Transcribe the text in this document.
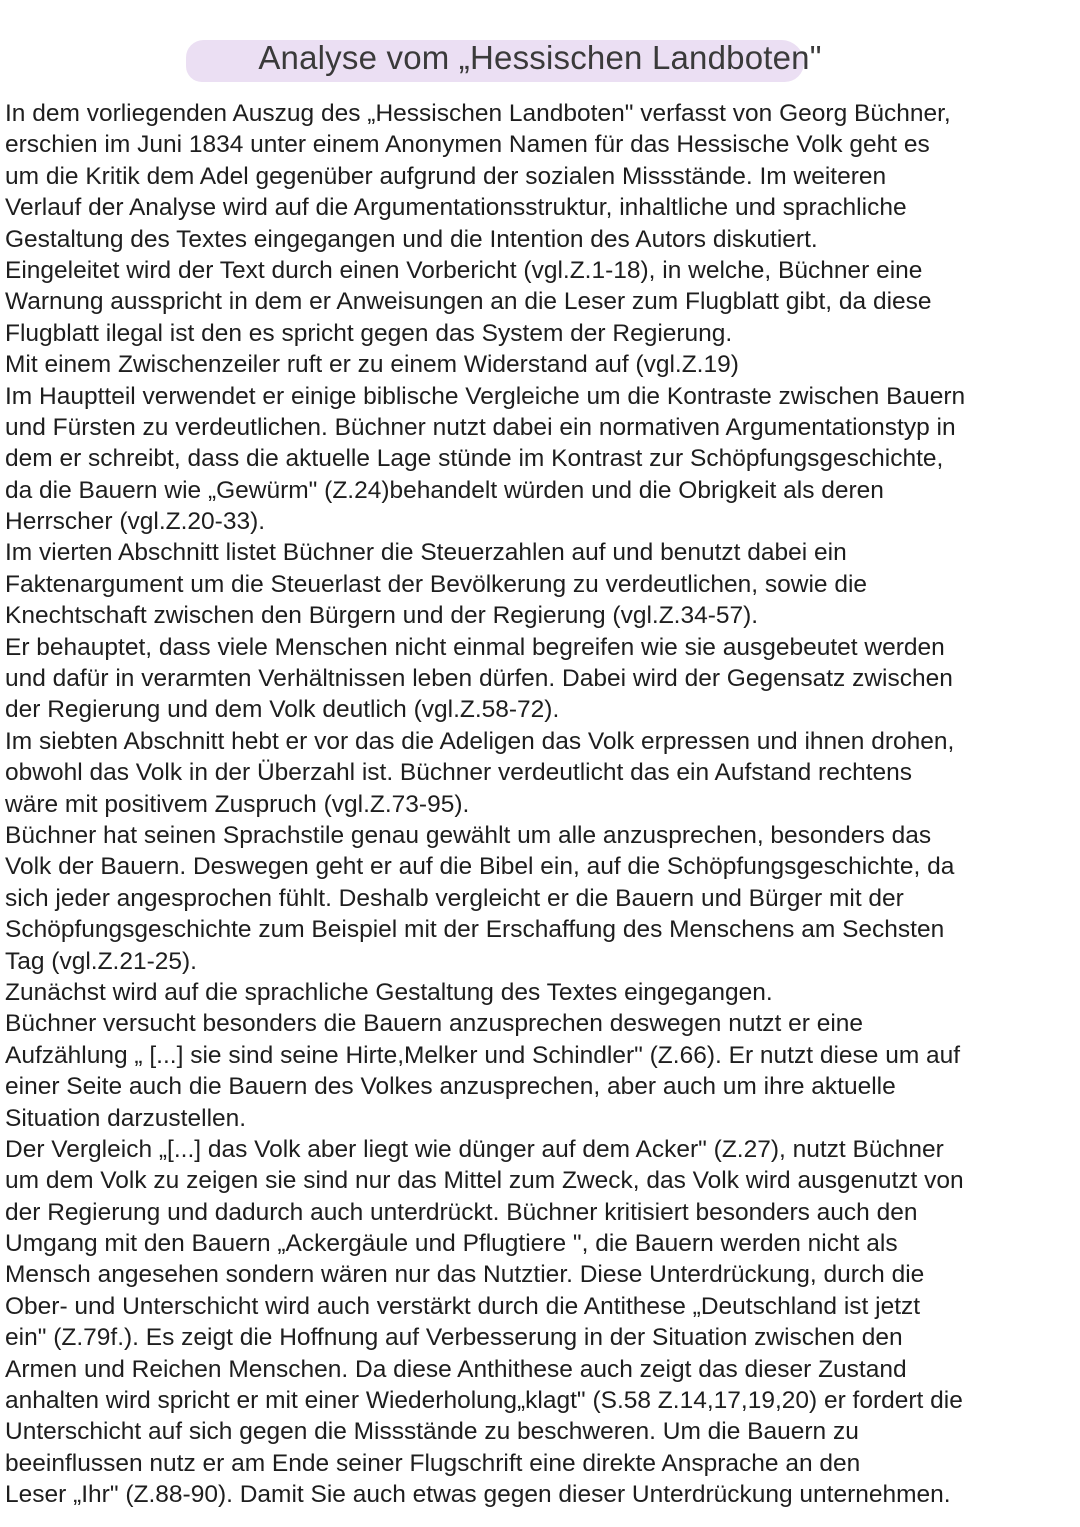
Analyse vom „Hessischen Landboten"
In dem vorliegenden Auszug des „Hessischen Landboten" verfasst von Georg Büchner,
erschien im Juni 1834 unter einem Anonymen Namen für das Hessische Volk geht es
um die Kritik dem Adel gegenüber aufgrund der sozialen Missstände. Im weiteren
Verlauf der Analyse wird auf die Argumentationsstruktur, inhaltliche und sprachliche
Gestaltung des Textes eingegangen und die Intention des Autors diskutiert.
Eingeleitet wird der Text durch einen Vorbericht (vgl.Z.1-18), in welche, Büchner eine
Warnung ausspricht in dem er Anweisungen an die Leser zum Flugblatt gibt, da diese
Flugblatt ilegal ist den es spricht gegen das System der Regierung.
Mit einem Zwischenzeiler ruft er zu einem Widerstand auf (vgl.Z.19)
Im Hauptteil verwendet er einige biblische Vergleiche um die Kontraste zwischen Bauern
und Fürsten zu verdeutlichen. Büchner nutzt dabei ein normativen Argumentationstyp in
dem er schreibt, dass die aktuelle Lage stünde im Kontrast zur Schöpfungsgeschichte,
da die Bauern wie „Gewürm" (Z.24)behandelt würden und die Obrigkeit als deren
Herrscher (vgl.Z.20-33).
Im vierten Abschnitt listet Büchner die Steuerzahlen auf und benutzt dabei ein
Faktenargument um die Steuerlast der Bevölkerung zu verdeutlichen, sowie die
Knechtschaft zwischen den Bürgern und der Regierung (vgl.Z.34-57).
Er behauptet, dass viele Menschen nicht einmal begreifen wie sie ausgebeutet werden
und dafür in verarmten Verhältnissen leben dürfen. Dabei wird der Gegensatz zwischen
der Regierung und dem Volk deutlich (vgl.Z.58-72).
Im siebten Abschnitt hebt er vor das die Adeligen das Volk erpressen und ihnen drohen,
obwohl das Volk in der Überzahl ist. Büchner verdeutlicht das ein Aufstand rechtens
wäre mit positivem Zuspruch (vgl.Z.73-95).
Büchner hat seinen Sprachstile genau gewählt um alle anzusprechen, besonders das
Volk der Bauern. Deswegen geht er auf die Bibel ein, auf die Schöpfungsgeschichte, da
sich jeder angesprochen fühlt. Deshalb vergleicht er die Bauern und Bürger mit der
Schöpfungsgeschichte zum Beispiel mit der Erschaffung des Menschens am Sechsten
Tag (vgl.Z.21-25).
Zunächst wird auf die sprachliche Gestaltung des Textes eingegangen.
Büchner versucht besonders die Bauern anzusprechen deswegen nutzt er eine
Aufzählung „ [...] sie sind seine Hirte,Melker und Schindler" (Z.66). Er nutzt diese um auf
einer Seite auch die Bauern des Volkes anzusprechen, aber auch um ihre aktuelle
Situation darzustellen.
Der Vergleich „[...] das Volk aber liegt wie dünger auf dem Acker" (Z.27), nutzt Büchner
um dem Volk zu zeigen sie sind nur das Mittel zum Zweck, das Volk wird ausgenutzt von
der Regierung und dadurch auch unterdrückt. Büchner kritisiert besonders auch den
Umgang mit den Bauern „Ackergäule und Pflugtiere ", die Bauern werden nicht als
Mensch angesehen sondern wären nur das Nutztier. Diese Unterdrückung, durch die
Ober- und Unterschicht wird auch verstärkt durch die Antithese „Deutschland ist jetzt
ein" (Z.79f.). Es zeigt die Hoffnung auf Verbesserung in der Situation zwischen den
Armen und Reichen Menschen. Da diese Anthithese auch zeigt das dieser Zustand
anhalten wird spricht er mit einer Wiederholung„klagt" (S.58 Z.14,17,19,20) er fordert die
Unterschicht auf sich gegen die Missstände zu beschweren. Um die Bauern zu
beeinflussen nutz er am Ende seiner Flugschrift eine direkte Ansprache an den
Leser „Ihr" (Z.88-90). Damit Sie auch etwas gegen dieser Unterdrückung unternehmen.
